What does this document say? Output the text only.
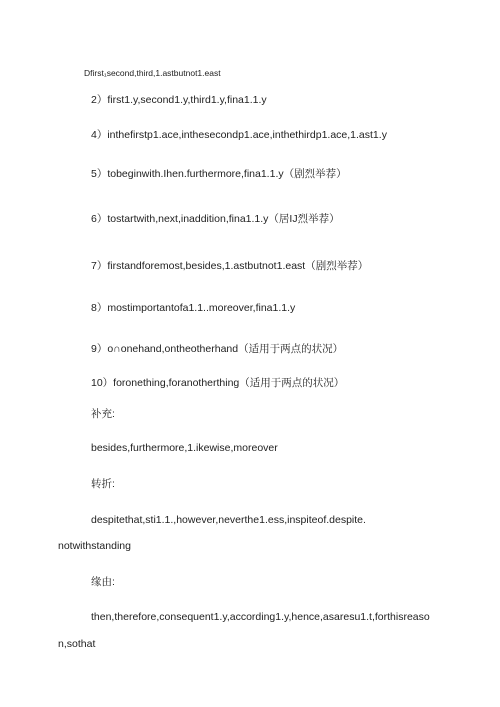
Dfirst₁second,third,1.astbutnot1.east
2）first1.y,second1.y,third1.y,fina1.1.y
4）inthefirstp1.ace,inthesecondp1.ace,inthethirdp1.ace,1.ast1.y
5）tobeginwith.Ihen.furthermore,fina1.1.y（剧烈举荐）
6）tostartwith,next,inaddition,fina1.1.y（居IJ烈举荐）
7）firstandforemost,besides,1.astbutnot1.east（剧烈举荐）
8）mostimportantofa1.1..moreover,fina1.1.y
9）o∩onehand,ontheotherhand（适用于两点的状况）
10）foronething,foranotherthing（适用于两点的状况）
补充:
besides,furthermore,1.ikewise,moreover
转折:
despitethat,sti1.1.,however,neverthe1.ess,inspiteof.despite.
notwithstanding
缘由:
then,therefore,consequent1.y,according1.y,hence,asaresu1.t,forthisreaso
n,sothat
